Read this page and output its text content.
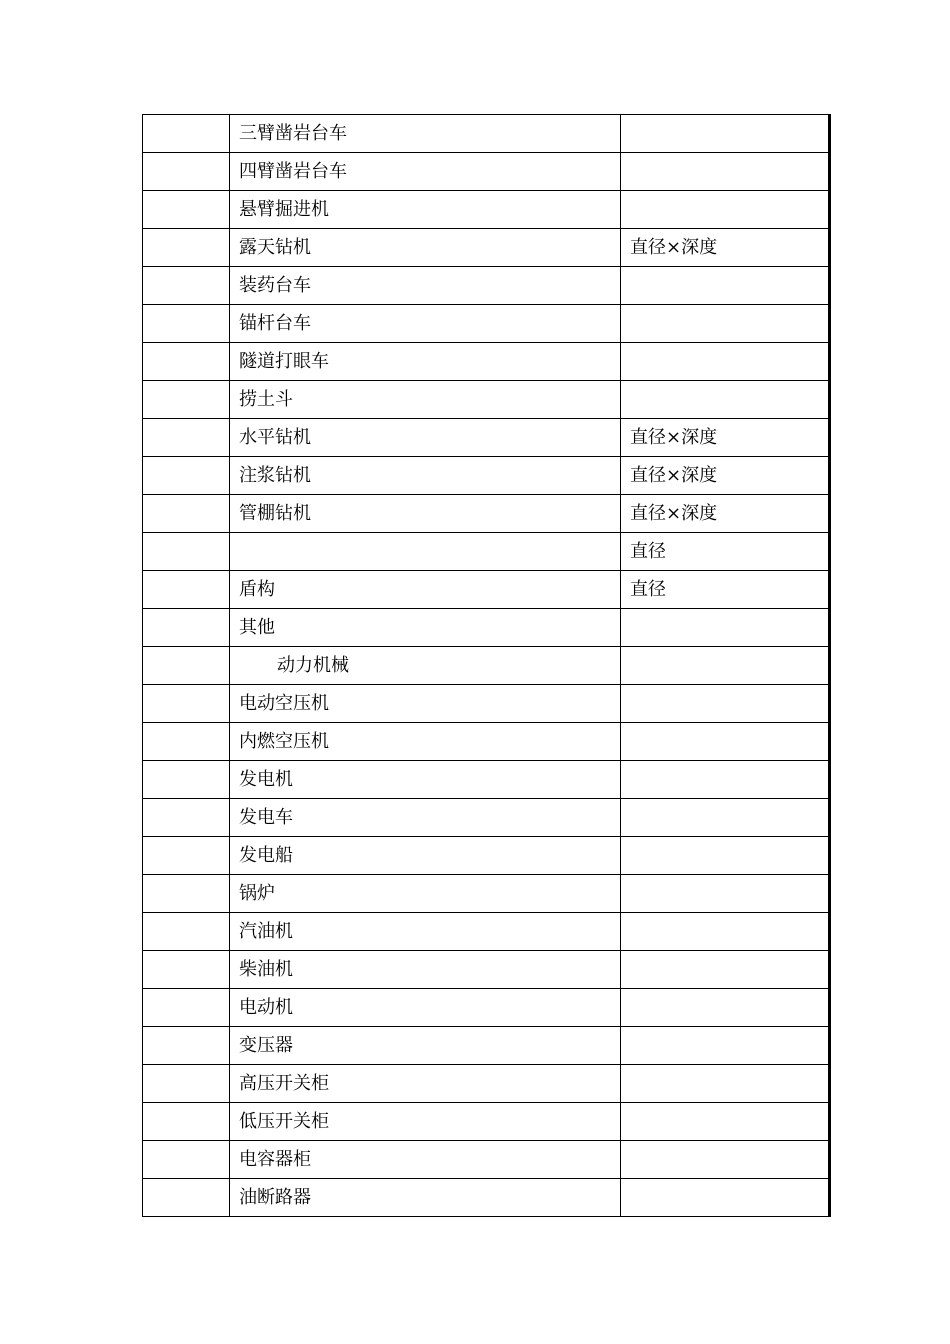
	三臂凿岩台车	
	四臂凿岩台车	
	悬臂掘进机	
	露天钻机	直径×深度
	装药台车	
	锚杆台车	
	隧道打眼车	
	捞土斗	
	水平钻机	直径×深度
	注浆钻机	直径×深度
	管棚钻机	直径×深度
		直径
	盾构	直径
	其他	
	动力机械	
	电动空压机	
	内燃空压机	
	发电机	
	发电车	
	发电船	
	锅炉	
	汽油机	
	柴油机	
	电动机	
	变压器	
	高压开关柜	
	低压开关柜	
	电容器柜	
	油断路器	
